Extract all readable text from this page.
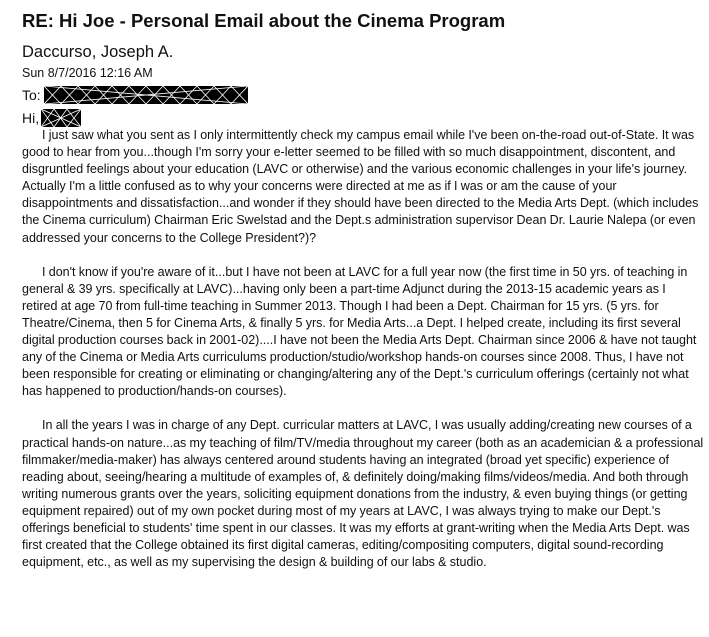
RE: Hi Joe - Personal Email about the Cinema Program
Daccurso, Joseph A.
Sun 8/7/2016 12:16 AM
To:
Hi,

I just saw what you sent as I only intermittently check my campus email while I've been on-the-road out-of-State. It was good to hear from you...though I'm sorry your e-letter seemed to be filled with so much disappointment, discontent, and disgruntled feelings about your education (LAVC or otherwise) and the various economic challenges in your life's journey. Actually I'm a little confused as to why your concerns were directed at me as if I was or am the cause of your disappointments and dissatisfaction...and wonder if they should have been directed to the Media Arts Dept. (which includes the Cinema curriculum) Chairman Eric Swelstad and the Dept.s administration supervisor Dean Dr. Laurie Nalepa (or even addressed your concerns to the College President?)?

I don't know if you're aware of it...but I have not been at LAVC for a full year now (the first time in 50 yrs. of teaching in general & 39 yrs. specifically at LAVC)...having only been a part-time Adjunct during the 2013-15 academic years as I retired at age 70 from full-time teaching in Summer 2013. Though I had been a Dept. Chairman for 15 yrs. (5 yrs. for Theatre/Cinema, then 5 for Cinema Arts, & finally 5 yrs. for Media Arts...a Dept. I helped create, including its first several digital production courses back in 2001-02)....I have not been the Media Arts Dept. Chairman since 2006 & have not taught any of the Cinema or Media Arts curriculums production/studio/workshop hands-on courses since 2008. Thus, I have not been responsible for creating or eliminating or changing/altering any of the Dept.'s curriculum offerings (certainly not what has happened to production/hands-on courses).

In all the years I was in charge of any Dept. curricular matters at LAVC, I was usually adding/creating new courses of a practical hands-on nature...as my teaching of film/TV/media throughout my career (both as an academician & a professional filmmaker/media-maker) has always centered around students having an integrated (broad yet specific) experience of reading about, seeing/hearing a multitude of examples of, & definitely doing/making films/videos/media. And both through writing numerous grants over the years, soliciting equipment donations from the industry, & even buying things (or getting equipment repaired) out of my own pocket during most of my years at LAVC, I was always trying to make our Dept.'s offerings beneficial to students' time spent in our classes. It was my efforts at grant-writing when the Media Arts Dept. was first created that the College obtained its first digital cameras, editing/compositing computers, digital sound-recording equipment, etc., as well as my supervising the design & building of our labs & studio.
